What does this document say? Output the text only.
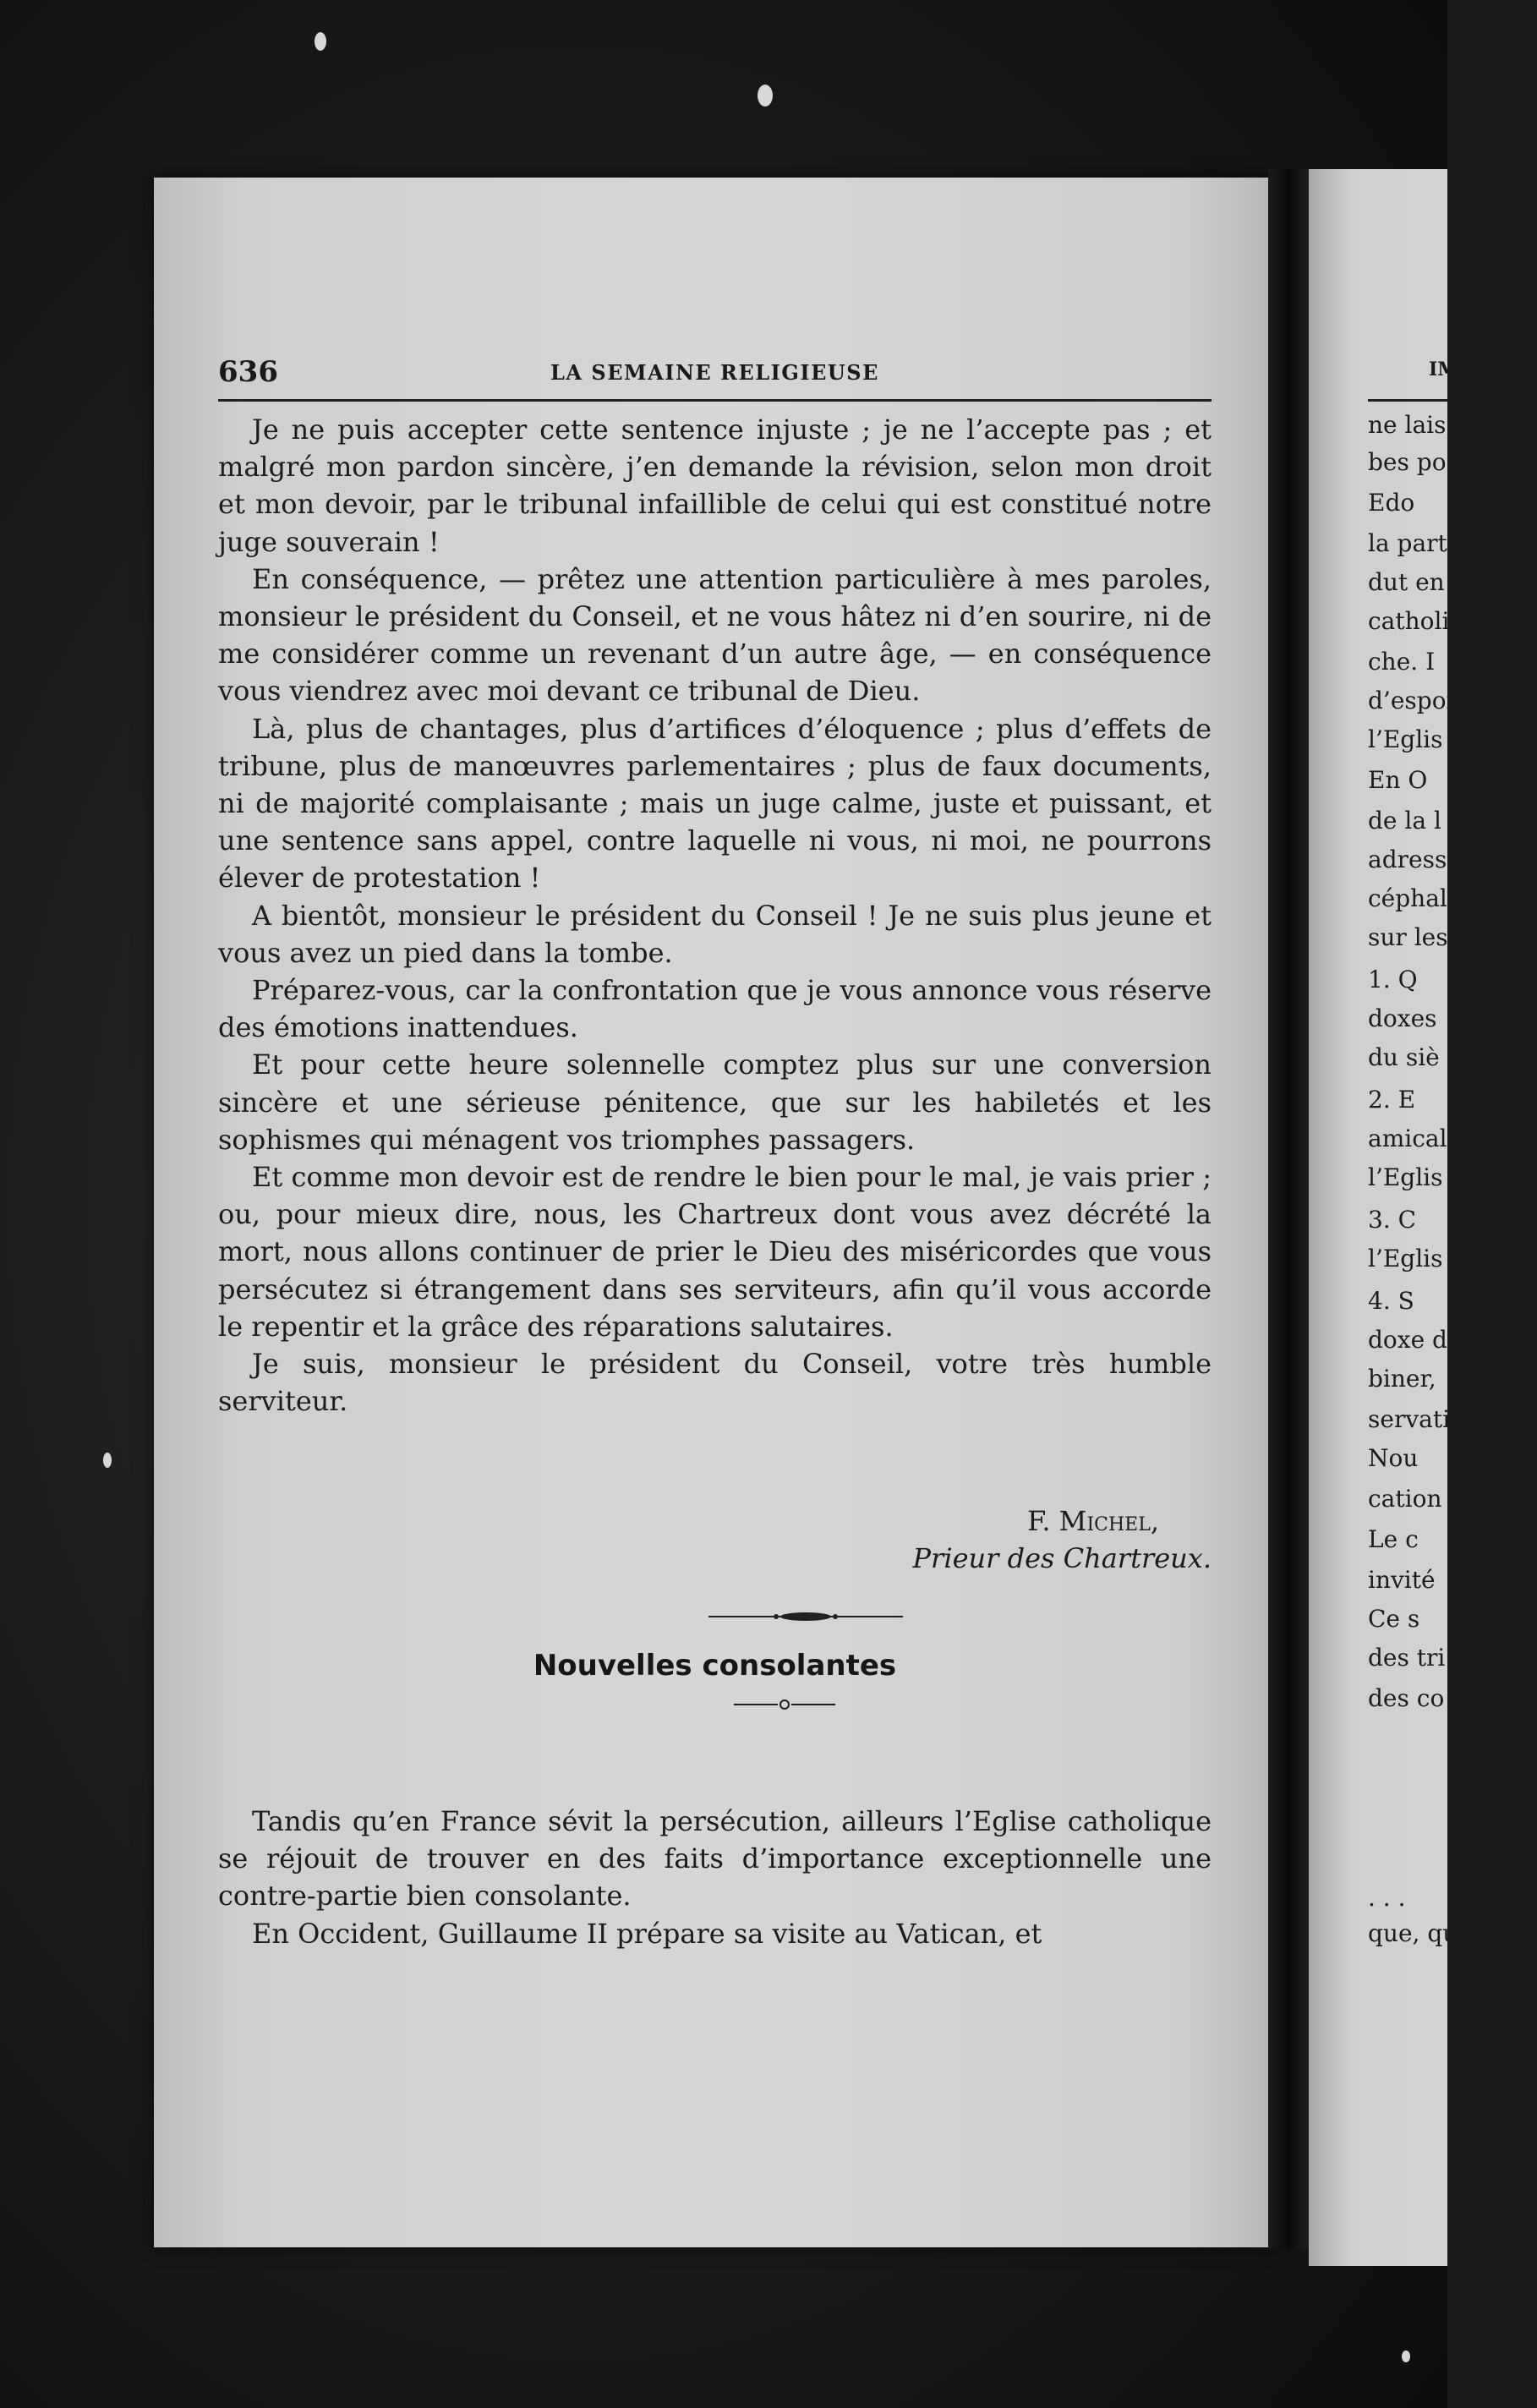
636	LA SEMAINE RELIGIEUSE

Je ne puis accepter cette sentence injuste ; je ne l’accepte pas ; et malgré mon pardon sincère, j’en demande la révision, selon mon droit et mon devoir, par le tribunal infaillible de celui qui est constitué notre juge souverain !

En conséquence, — prêtez une attention particulière à mes paroles, monsieur le président du Conseil, et ne vous hâtez ni d’en sourire, ni de me considérer comme un revenant d’un autre âge, — en conséquence vous viendrez avec moi devant ce tribunal de Dieu.

Là, plus de chantages, plus d’artifices d’éloquence ; plus d’effets de tribune, plus de manœuvres parlementaires ; plus de faux documents, ni de majorité complaisante ; mais un juge calme, juste et puissant, et une sentence sans appel, contre laquelle ni vous, ni moi, ne pourrons élever de protestation !

A bientôt, monsieur le président du Conseil ! Je ne suis plus jeune et vous avez un pied dans la tombe.

Préparez-vous, car la confrontation que je vous annonce vous réserve des émotions inattendues.

Et pour cette heure solennelle comptez plus sur une conversion sincère et une sérieuse pénitence, que sur les habiletés et les sophismes qui ménagent vos triomphes passagers.

Et comme mon devoir est de rendre le bien pour le mal, je vais prier ; ou, pour mieux dire, nous, les Chartreux dont vous avez décrété la mort, nous allons continuer de prier le Dieu des miséricordes que vous persécutez si étrangement dans ses serviteurs, afin qu’il vous accorde le repentir et la grâce des réparations salutaires.

Je suis, monsieur le président du Conseil, votre très humble serviteur.

F. Michel,
Prieur des Chartreux.
Nouvelles consolantes

Tandis qu’en France sévit la persécution, ailleurs l’Eglise catholique se réjouit de trouver en des faits d’importance exceptionnelle une contre-partie bien consolante.

En Occident, Guillaume II prépare sa visite au Vatican, et

IM
ne lais
bes po
Edo
la part
dut en
catholi
che. I
d’espoi
l’Eglis
En O
de la l
adresse
céphal
sur les
1. Q
doxes
du siè
2. E
amical
l’Eglis
3. C
l’Eglis
4. S
doxe d
biner,
servati
Nou
cation
Le c
invité
Ce s
des tri
des co
. . .
que, qu
